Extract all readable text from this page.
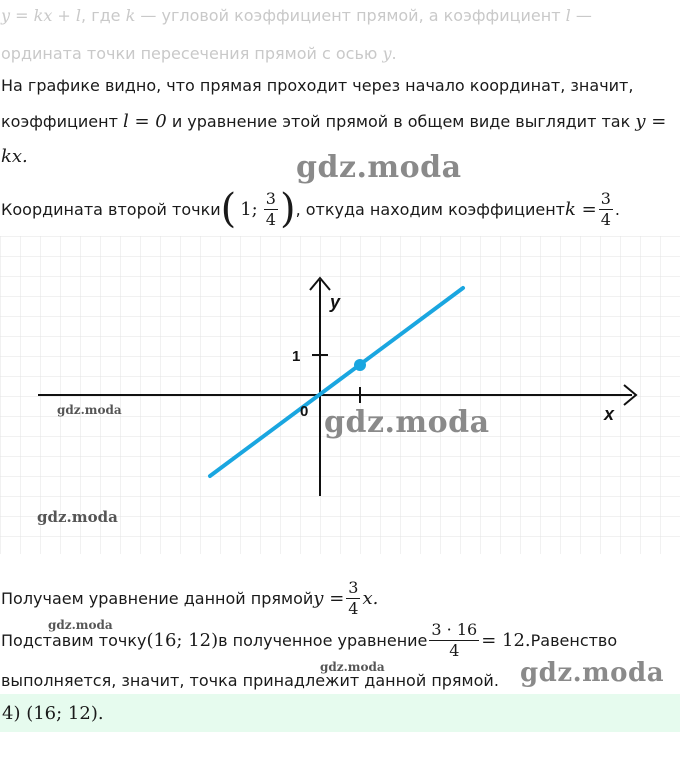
y = kx + l, где k — угловой коэффициент прямой, а коэффициент l —
ордината точки пересечения прямой с осью y.
На графике видно, что прямая проходит через начало координат, значит,
коэффициент l = 0 и уравнение этой прямой в общем виде выглядит так y =
kx.
Координата второй точки ( 1; $\frac{3}{4}$ ) , откуда находим коэффициент $k = \frac{3}{4}$ .
gdz.moda
y
x
0
1
gdz.moda	gdz.moda
gdz.moda
Получаем уравнение данной прямой $y = \frac{3}{4} x$.
gdz.moda
Подставим точку (16; 12) в полученное уравнение $\frac{3 \cdot 16}{4} = 12$. Равенство
gdz.moda
выполняется, значит, точка принадлежит данной прямой. gdz.moda
4) (16; 12).
